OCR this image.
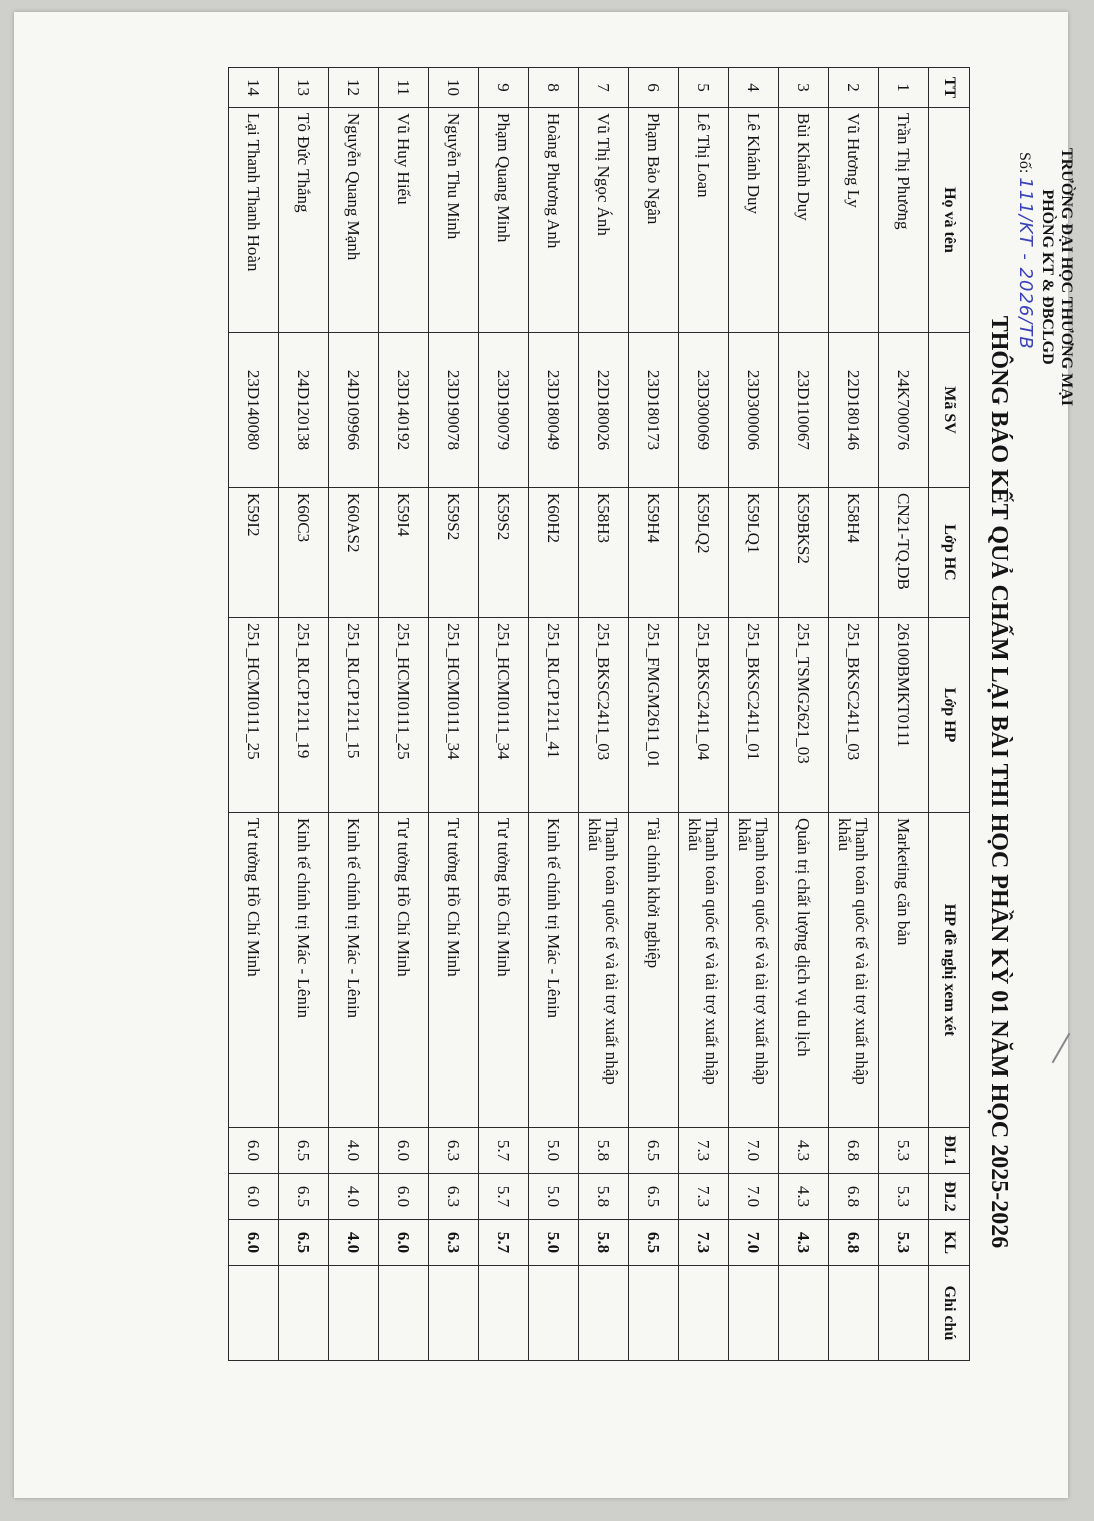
TRƯỜNG ĐẠI HỌC THƯƠNG MẠI
PHÒNG KT & ĐBCLGD
Số: 111/KT - 2026/TB
THÔNG BÁO KẾT QUẢ CHẤM LẠI BÀI THI HỌC PHẦN KỲ 01 NĂM HỌC 2025-2026
TT	Họ và tên	Mã SV	Lớp HC	Lớp HP	HP đề nghị xem xét	ĐL1	ĐL2	KL	Ghi chú
1	Trần Thị Phương	24K700076	CN21-TQ.DB	26100BMKT0111	Marketing căn bản	5.3	5.3	5.3	
2	Vũ Hương Ly	22D180146	K58H4	251_BKSC2411_03	Thanh toán quốc tế và tài trợ xuất nhập khẩu	6.8	6.8	6.8	
3	Bùi Khánh Duy	23D110067	K59BKS2	251_TSMG2621_03	Quản trị chất lượng dịch vụ du lịch	4.3	4.3	4.3	
4	Lê Khánh Duy	23D300006	K59LQ1	251_BKSC2411_01	Thanh toán quốc tế và tài trợ xuất nhập khẩu	7.0	7.0	7.0	
5	Lê Thị Loan	23D300069	K59LQ2	251_BKSC2411_04	Thanh toán quốc tế và tài trợ xuất nhập khẩu	7.3	7.3	7.3	
6	Phạm Bảo Ngân	23D180173	K59H4	251_FMGM2611_01	Tài chính khởi nghiệp	6.5	6.5	6.5	
7	Vũ Thị Ngọc Ánh	22D180026	K58H3	251_BKSC2411_03	Thanh toán quốc tế và tài trợ xuất nhập khẩu	5.8	5.8	5.8	
8	Hoàng Phương Anh	23D180049	K60H2	251_RLCP1211_41	Kinh tế chính trị Mác - Lênin	5.0	5.0	5.0	
9	Phạm Quang Minh	23D190079	K59S2	251_HCMI0111_34	Tư tưởng Hồ Chí Minh	5.7	5.7	5.7	
10	Nguyễn Thu Minh	23D190078	K59S2	251_HCMI0111_34	Tư tưởng Hồ Chí Minh	6.3	6.3	6.3	
11	Vũ Huy Hiếu	23D140192	K59I4	251_HCMI0111_25	Tư tưởng Hồ Chí Minh	6.0	6.0	6.0	
12	Nguyễn Quang Mạnh	24D109966	K60AS2	251_RLCP1211_15	Kinh tế chính trị Mác - Lênin	4.0	4.0	4.0	
13	Tô Đức Thắng	24D120138	K60C3	251_RLCP1211_19	Kinh tế chính trị Mác - Lênin	6.5	6.5	6.5	
14	Lại Thanh Thanh Hoàn	23D140080	K59I2	251_HCMI0111_25	Tư tưởng Hồ Chí Minh	6.0	6.0	6.0	
